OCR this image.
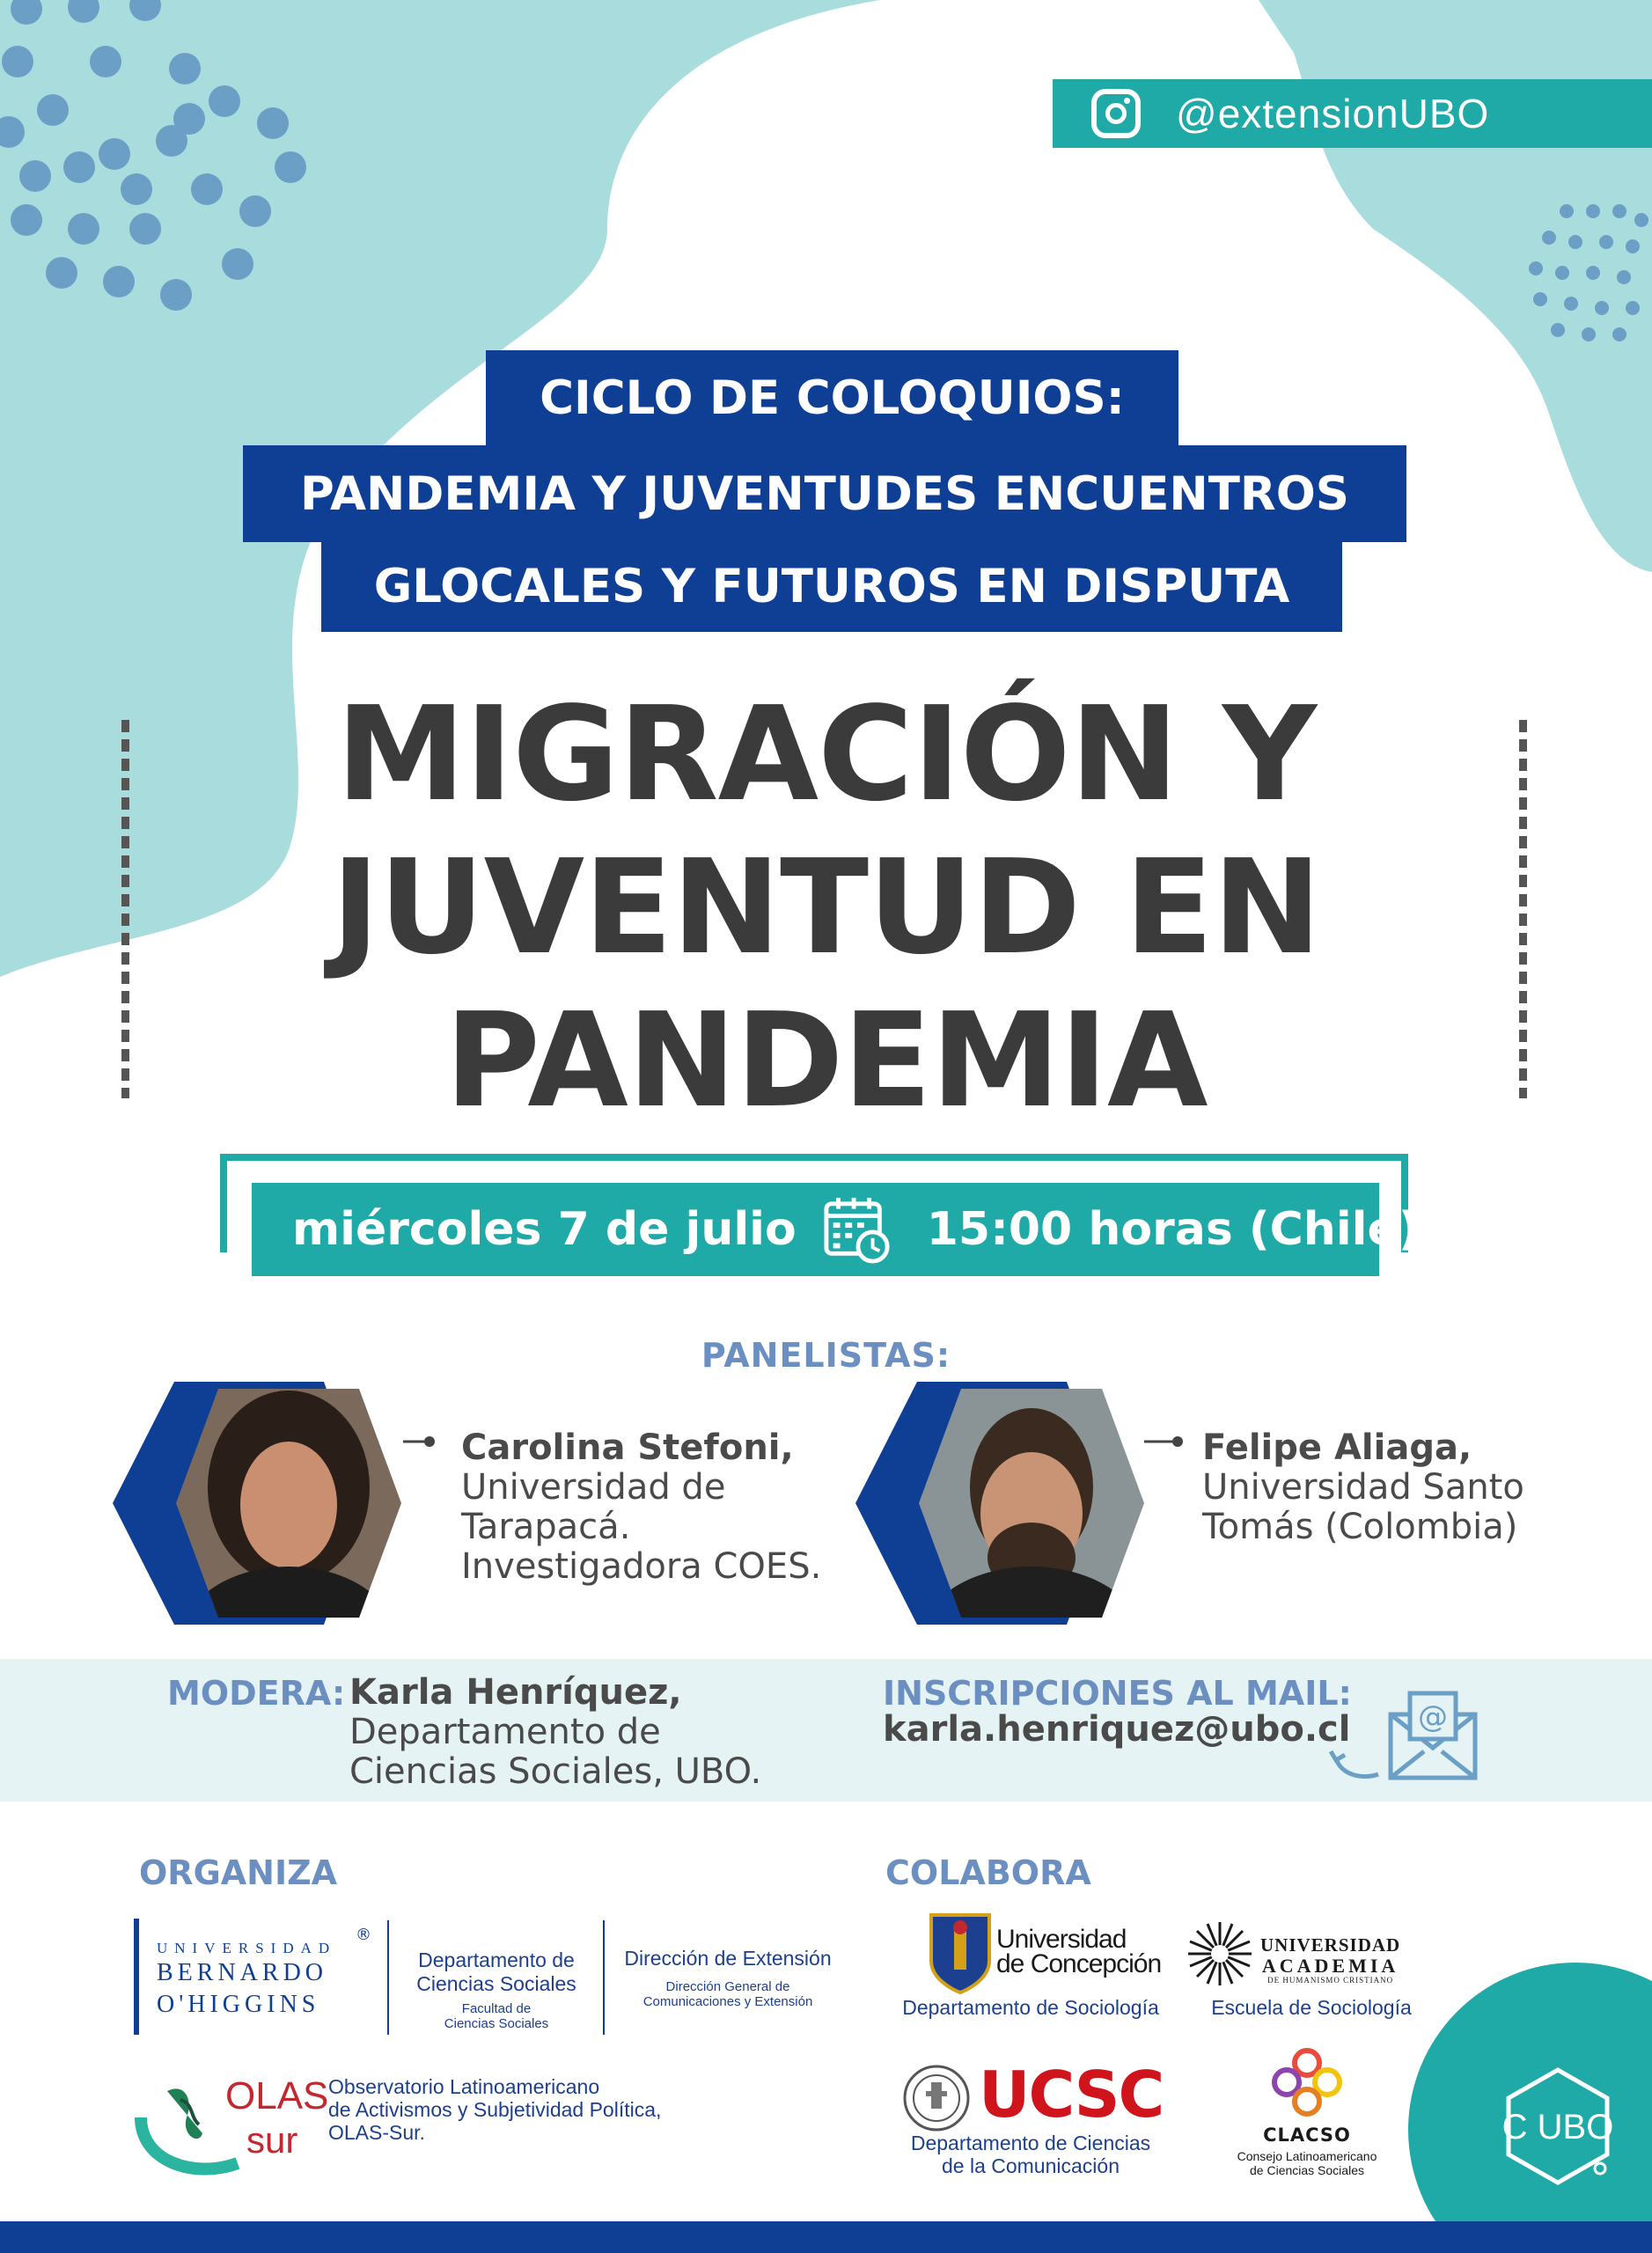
@extensionUBO
CICLO DE COLOQUIOS:
PANDEMIA Y JUVENTUDES ENCUENTROS
GLOCALES Y FUTUROS EN DISPUTA
MIGRACIÓN Y
JUVENTUD EN
PANDEMIA
miércoles 7 de julio	15:00 horas (Chile)
PANELISTAS:
Carolina Stefoni,
Universidad de
Tarapacá.
Investigadora COES.
Felipe Aliaga,
Universidad Santo
Tomás (Colombia)
MODERA: Karla Henríquez,
Departamento de
Ciencias Sociales, UBO.
INSCRIPCIONES AL MAIL:
karla.henriquez@ubo.cl @
ORGANIZA
UNIVERSIDAD
®
BERNARDO
O'HIGGINS
Departamento de
Ciencias Sociales
Facultad de
Ciencias Sociales
Dirección de Extensión
Dirección General de
Comunicaciones y Extensión
OLAS
sur
Observatorio Latinoamericano
de Activismos y Subjetividad Política,
OLAS-Sur.
COLABORA
Universidad
de Concepción
Departamento de Sociología
UNIVERSIDAD
ACADEMIA
DE HUMANISMO CRISTIANO
Escuela de Sociología
UCSC
Departamento de Ciencias
de la Comunicación
CLACSO
Consejo Latinoamericano
de Ciencias Sociales
C UBO
